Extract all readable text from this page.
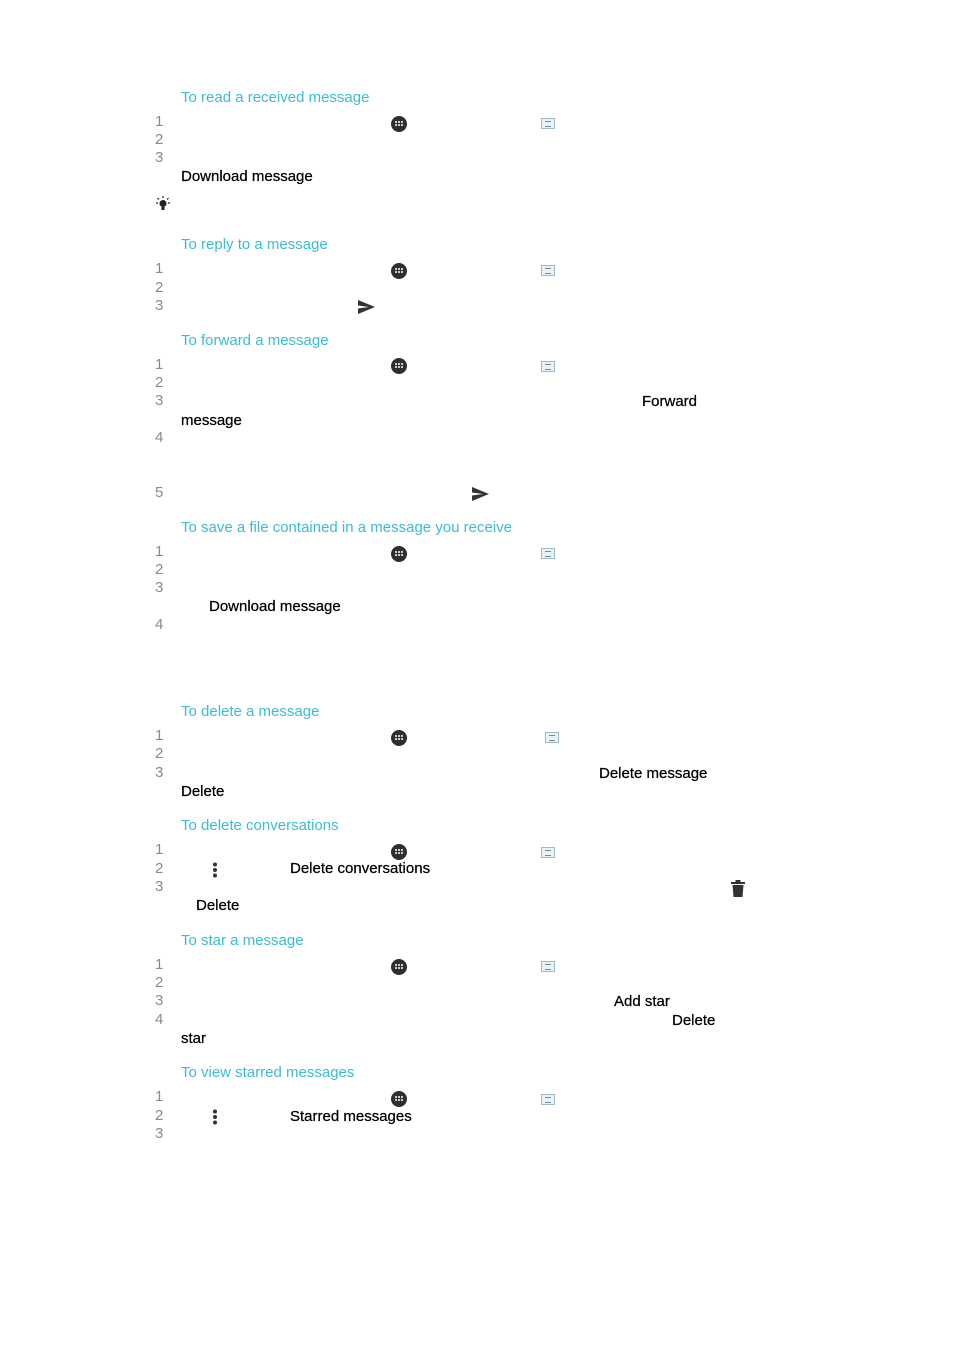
To read a received message
1
2
3
Download message
To reply to a message
1
2
3
To forward a message
1
2
3
4
5
Forward
message
To save a file contained in a message you receive
1
2
3
4
Download message
To delete a message
1
2
3	Delete message
Delete
To delete conversations
1
2
3
Delete conversations
Delete
To star a message
1
2
3
4
Add star
Delete
star
To view starred messages
1
2
3
Starred messages
